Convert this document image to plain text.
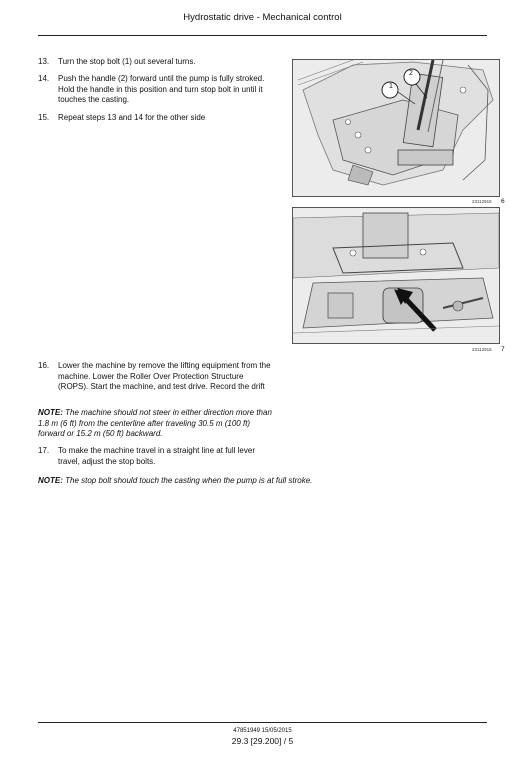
Hydrostatic drive - Mechanical control
13. Turn the stop bolt (1) out several turns.
14. Push the handle (2) forward until the pump is fully stroked. Hold the handle in this position and turn stop bolt in until it touches the casting.
15. Repeat steps 13 and 14 for the other side
1
2
23112915 6
23112916 7
16. Lower the machine by remove the lifting equipment from the machine. Lower the Roller Over Protection Structure (ROPS). Start the machine, and test drive. Record the drift
NOTE: The machine should not steer in either direction more than 1.8 m (6 ft) from the centerline after traveling 30.5 m (100 ft) forward or 15.2 m (50 ft) backward.
17. To make the machine travel in a straight line at full lever travel, adjust the stop bolts.
NOTE: The stop bolt should touch the casting when the pump is at full stroke.
47851949 15/05/2015
29.3 [29.200] / 5
